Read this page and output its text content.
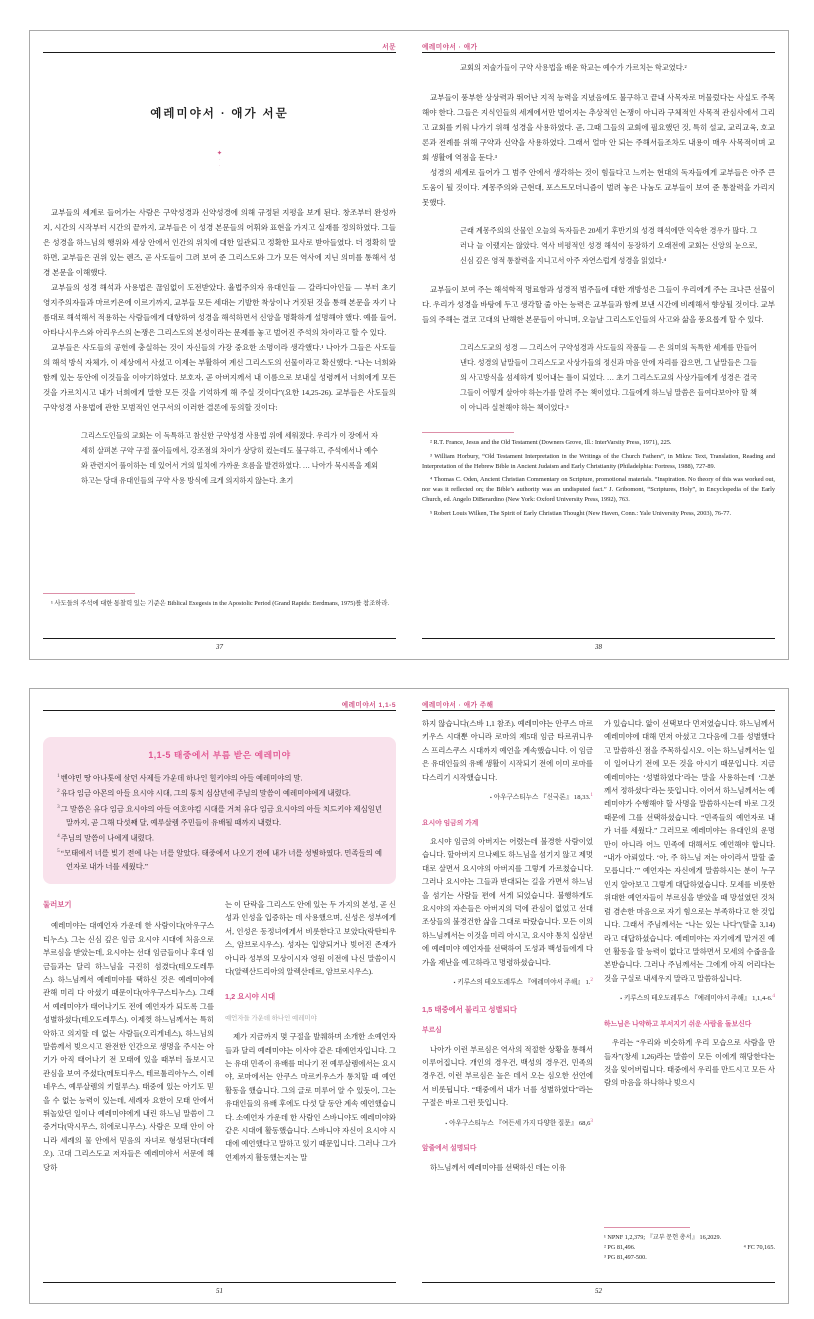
서문
예레미야서 · 애가 서문
✦
∙
∙

교부들의 세계로 들어가는 사람은 구약성경과 신약성경에 의해 규정된 지평을 보게 된다. 창조부터 완성까지, 시간의 시작부터 시간의 끝까지, 교부들은 이 성경 본문들의 어휘와 표현을 가지고 실재를 정의하였다. 그들은 성경을 하느님의 행위와 세상 안에서 인간의 위치에 대한 일관되고 정확한 묘사로 받아들였다. 더 정확히 말하면, 교부들은 권위 있는 렌즈, 곧 사도들이 그려 보여 준 그리스도와 그가 모든 역사에 지닌 의미를 통해서 성경 본문을 이해했다.

교부들의 성경 해석과 사용법은 끊임없이 도전받았다. 율법주의자 유대인들 — 갈라디아인들 — 부터 초기 영지주의자들과 마르키온에 이르기까지, 교부들 모든 세대는 기발한 착상이나 거짓된 것을 통해 본문을 자기 나름대로 해석해서 적용하는 사람들에게 대항하여 성경을 해석하면서 신앙을 명확하게 설명해야 했다. 예를 들어, 아타나시우스와 아리우스의 논쟁은 그리스도의 본성이라는 문제를 놓고 벌어진 주석의 차이라고 할 수 있다.

교부들은 사도들의 공헌에 충실하는 것이 자신들의 가장 중요한 소명이라 생각했다.¹ 나아가 그들은 사도들의 해석 방식 자체가, 이 세상에서 사셨고 이제는 부활하여 계신 그리스도의 선물이라고 확신했다. “나는 너희와 함께 있는 동안에 이것들을 이야기하였다. 보호자, 곧 아버지께서 내 이름으로 보내실 성령께서 너희에게 모든 것을 가르치시고 내가 너희에게 말한 모든 것을 기억하게 해 주실 것이다”(요한 14,25-26). 교부들은 사도들의 구약성경 사용법에 관한 모범적인 연구서의 이러한 결론에 동의할 것이다:

그리스도인들의 교회는 이 독특하고 참신한 구약성경 사용법 위에 세워졌다. 우리가 이 장에서 자세히 살펴본 구약 구절 풀이들에서, 강조점의 차이가 상당히 컸는데도 불구하고, 주석에서나 예수와 관련지어 풀이하는 데 있어서 거의 일치에 가까운 흐름을 발견하였다. … 나아가 묵시록을 제외하고는 당대 유대인들의 구약 사용 방식에 크게 의지하지 않는다. 초기

¹ 사도들의 주석에 대한 통찰력 있는 기준은 Biblical Exegesis in the Apostolic Period (Grand Rapids: Eerdmans, 1975)를 참조하라.

37
예레미야서 · 애가
교회의 저술가들이 구약 사용법을 배운 학교는 예수가 가르치는 학교였다.²

교부들이 풍부한 상상력과 뛰어난 지적 능력을 지녔음에도 불구하고 끝내 사목자로 머물렀다는 사실도 주목해야 한다. 그들은 지식인들의 세계에서만 벌어지는 추상적인 논쟁이 아니라 구체적인 사목적 관심사에서 그리고 교회를 키워 나가기 위해 성경을 사용하였다. 곧, 그때 그들의 교회에 필요했던 것, 특히 설교, 교리교육, 호교론과 전례를 위해 구약과 신약을 사용하였다. 그래서 얼마 안 되는 주해서들조차도 내용이 매우 사목적이며 교회 생활에 역점을 둔다.³

성경의 세계로 들어가 그 범주 안에서 생각하는 것이 힘들다고 느끼는 현대의 독자들에게 교부들은 아주 큰 도움이 될 것이다. 계몽주의와 근현대, 포스트모더니즘이 벌려 놓은 나눔도 교부들이 보여 준 통찰력을 가리지 못했다.

근래 계몽주의의 산물인 오늘의 독자들은 20세기 후반기의 성경 해석에만 익숙한 경우가 많다. 그러나 늘 이랬지는 않았다. 역사 비평적인 성경 해석이 등장하기 오래전에 교회는 신앙의 눈으로, 신심 깊은 영적 통찰력을 지니고서 아주 자연스럽게 성경을 읽었다.⁴

교부들이 보여 주는 해석학적 명료함과 성경적 범주들에 대한 개방성은 그들이 우리에게 주는 크나큰 선물이다. 우리가 성경을 바탕에 두고 생각할 줄 아는 능력은 교부들과 함께 보낸 시간에 비례해서 향상될 것이다. 교부들의 주해는 결코 고대의 난해한 본문들이 아니며, 오늘날 그리스도인들의 사고와 삶을 풍요롭게 할 수 있다.

그리스도교의 성경 — 그리스어 구약성경과 사도들의 작품들 — 은 의미의 독특한 세계를 만들어 낸다. 성경의 낱말들이 그리스도교 사상가들의 정신과 마음 안에 자리를 잡으면, 그 낱말들은 그들의 사고방식을 섬세하게 빚어내는 틀이 되었다. … 초기 그리스도교의 사상가들에게 성경은 결국 그들이 어떻게 살아야 하는가를 알려 주는 책이었다. 그들에게 하느님 말씀은 들여다보아야 할 책이 아니라 실천해야 하는 책이었다.⁵

² R.T. France, Jesus and the Old Testament (Downers Grove, Ill.: InterVarsity Press, 1971), 225.

³ William Horbury, “Old Testament Interpretation in the Writings of the Church Fathers”, in Mikra: Text, Translation, Reading and Interpretation of the Hebrew Bible in Ancient Judaism and Early Christianity (Philadelphia: Fortress, 1988), 727-89.

⁴ Thomas C. Oden, Ancient Christian Commentary on Scripture, promotional materials. “Inspiration. No theory of this was worked out, nor was it reflected on; the Bible’s authority was an undisputed fact.” J. Gribomont, “Scriptures, Holy”, in Encyclopedia of the Early Church, ed. Angelo DiBerardino (New York: Oxford University Press, 1992), 763.

⁵ Robert Louis Wilken, The Spirit of Early Christian Thought (New Haven, Conn.: Yale University Press, 2003), 76-77.

38
예레미야서 1,1-5
1,1-5 태중에서 부름 받은 예레미야
$^1$벤야민 땅 아나톳에 살던 사제들 가운데 하나인 힐키야의 아들 예레미야의 말.
$^2$유다 임금 아몬의 아들 요시야 시대, 그의 통치 십삼년에 주님의 말씀이 예레미야에게 내렸다.
$^3$그 말씀은 유다 임금 요시야의 아들 여호야킴 시대를 거쳐 유다 임금 요시야의 아들 치드키야 제십일년 말까지, 곧 그해 다섯째 달, 예루살렘 주민들이 유배될 때까지 내렸다.
$^4$주님의 말씀이 나에게 내렸다.
$^5$“모태에서 너를 빚기 전에 나는 너를 알았다. 태중에서 나오기 전에 내가 너를 성별하였다. 민족들의 예언자로 내가 너를 세웠다.”
둘러보기

예레미야는 대예언자 가운데 한 사람이다(아우구스티누스). 그는 신심 깊은 임금 요시야 시대에 처음으로 부르심을 받았는데, 요시야는 선대 임금들이나 후대 임금들과는 달리 하느님을 극진히 섬겼다(테오도레투스). 하느님께서 예레미야를 택하신 것은 예레미야에 관해 미리 다 아셨기 때문이다(아우구스티누스). 그래서 예레미야가 태어나기도 전에 예언자가 되도록 그를 성별하셨다(테오도레투스). 이제껏 하느님께서는 특히 악하고 의지할 데 없는 사람들(오리게네스), 하느님의 말씀께서 빚으시고 완전한 인간으로 생명을 주시는 아기가 아직 태어나기 전 모태에 있을 때부터 돌보시고 관심을 보여 주셨다(메토디우스, 테르툴리아누스, 이레네우스, 예루살렘의 키릴루스). 태중에 있는 아기도 믿을 수 없는 능력이 있는데, 세례자 요한이 모태 안에서 뛰놀았던 일이나 예레미야에게 내린 하느님 말씀이 그 증거다(막시무스, 히에로니무스). 사람은 모태 안이 아니라 세례의 물 안에서 믿음의 자녀로 형성된다(대레오). 고대 그리스도교 저자들은 예레미야서 서문에 해당하

는 이 단락을 그리스도 안에 있는 두 가지의 본성, 곧 신성과 인성을 입증하는 데 사용했으며, 신성은 성부에게서, 인성은 동정녀에게서 비롯한다고 보았다(락탄티우스, 암브로시우스). 성자는 입양되거나 빚어진 존재가 아니라 성부의 모상이시자 영원 이전에 나신 말씀이시다(알렉산드리아의 알렉산데르, 암브로시우스).

1,2 요시야 시대
예언자들 가운데 하나인 예레미야

제가 지금까지 몇 구절을 발췌하며 소개한 소예언자들과 달리 예레미야는 이사야 같은 대예언자입니다. 그는 유대 민족이 유배를 떠나기 전 예루살렘에서는 요시야, 로마에서는 안쿠스 마르키우스가 통치할 때 예언 활동을 했습니다. 그의 글로 미루어 알 수 있듯이, 그는 유대인들의 유배 후에도 다섯 달 동안 계속 예언했습니다. 소예언자 가운데 한 사람인 스바니야도 예레미야와 같은 시대에 활동했습니다. 스바니야 자신이 요시야 시대에 예언했다고 말하고 있기 때문입니다. 그러나 그가 언제까지 활동했는지는 말

51
예레미야서 · 애가 주해

하지 않습니다(스바 1,1 참조). 예레미야는 안쿠스 마르키우스 시대뿐 아니라 로마의 제5대 임금 타르퀴니우스 프리스쿠스 시대까지 예언을 계속했습니다. 이 임금은 유대인들의 유배 생활이 시작되기 전에 이미 로마를 다스리기 시작했습니다.

▪ 아우구스티누스 『신국론』 18,33.$^1$
요시야 임금의 가계

요시야 임금의 아버지는 어렸는데 불경한 사람이었습니다. 할아버지 므나쎄도 하느님을 섬기지 않고 제멋대로 살면서 요시야의 아버지를 그렇게 가르쳤습니다. 그러나 요시야는 그들과 반대되는 길을 가면서 하느님을 섬기는 사람들 편에 서게 되었습니다. 불행하게도 요시야의 자손들은 아버지의 덕에 관심이 없었고 선대 조상들의 불경건한 삶을 그대로 따랐습니다. 모든 이의 하느님께서는 이것을 미리 아시고, 요시야 통치 십삼년에 예레미야 예언자를 선택하여 도성과 백성들에게 다가올 재난을 예고하라고 명령하셨습니다.

▪ 키루스의 테오도레투스 『예레미야서 주해』 1.$^2$
1,5 태중에서 불리고 성별되다
부르심

나아가 이런 부르심은 역사의 적절한 상황을 통해서 이루어집니다. 개인의 경우건, 백성의 경우건, 민족의 경우건, 이런 부르심은 높은 데서 오는 심오한 선언에서 비롯됩니다. “태중에서 내가 너를 성별하였다”라는 구절은 바로 그런 뜻입니다.

▪ 아우구스티누스 『여든세 가지 다양한 질문』 68,6$^3$
앞줄에서 설명되다

하느님께서 예레미야를 선택하신 데는 이유

가 있습니다. 앎이 선택보다 먼저였습니다. 하느님께서 예레미야에 대해 먼저 아셨고 그다음에 그를 성별했다고 말씀하신 점을 주목하십시오. 이는 하느님께서는 일이 일어나기 전에 모든 것을 아시기 때문입니다. 지금 예레미야는 ‘성별하였다’라는 말을 사용하는데 ‘그분께서 정하셨다’라는 뜻입니다. 이어서 하느님께서는 예레미야가 수행해야 할 사명을 말씀하시는데 바로 그것 때문에 그를 선택하셨습니다. “민족들의 예언자로 내가 너를 세웠다.” 그러므로 예레미야는 유대인의 운명만이 아니라 어느 민족에 대해서도 예언해야 합니다. “내가 아뢰었다. ‘아, 주 하느님 저는 아이라서 말할 줄 모릅니다.’” 예언자는 자신에게 말씀하시는 분이 누구인지 알아보고 그렇게 대답하였습니다. 모세를 비롯한 위대한 예언자들이 부르심을 받았을 때 망설였던 것처럼 겸손한 마음으로 자기 힘으로는 부족하다고 한 것입니다. 그래서 주님께서는 “나는 있는 나다”(탈출 3,14)라고 대답하셨습니다. 예레미야는 자기에게 맡겨진 예언 활동을 할 능력이 없다고 말하면서 모세의 수줍음을 본받습니다. 그러나 주님께서는 그에게 아직 어리다는 것을 구실로 내세우지 말라고 말씀하십니다.

▪ 키루스의 테오도레투스 『예레미야서 주해』 1,1,4-6.$^4$
하느님은 나약하고 부서지기 쉬운 사람을 돌보신다

우리는 “우리와 비슷하게 우리 모습으로 사람을 만들자”(창세 1,26)라는 말씀이 모든 이에게 해당한다는 것을 잊어버립니다. 태중에서 우리를 만드시고 모든 사람의 마음을 하나하나 빚으시

¹ NPNF 1,2,379; 『교부 문헌 총서』 16,2029.
² PG 81,496.	⁴ FC 70,165.
³ PG 81,497-500.
52
